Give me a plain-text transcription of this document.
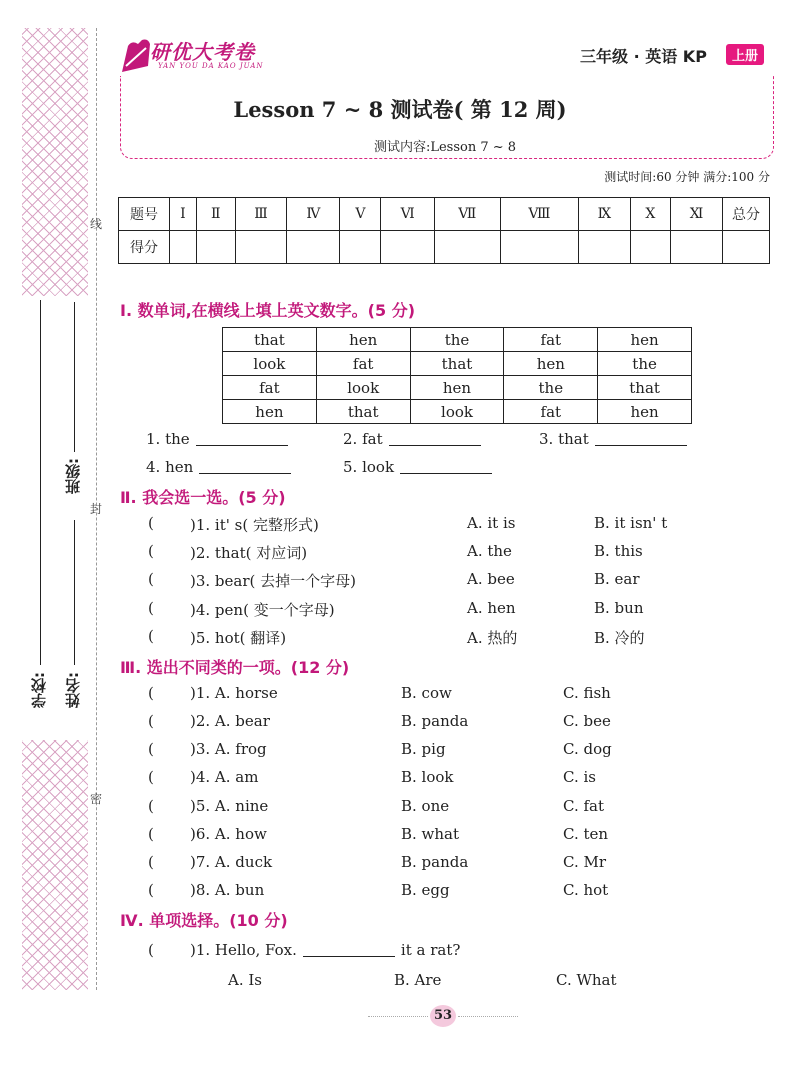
线
封
密
学校: 姓名:
班级:
研优大考卷
YAN YOU DA KAO JUAN	三年级 · 英语 KP	上册
Lesson 7 ~ 8 测试卷( 第 12 周)
测试内容:Lesson 7 ~ 8
测试时间:60 分钟 满分:100 分
题号	Ⅰ	Ⅱ	Ⅲ	Ⅳ	Ⅴ	Ⅵ	Ⅶ	Ⅷ	Ⅸ	Ⅹ	Ⅺ	总分
得分												
Ⅰ. 数单词,在横线上填上英文数字。(5 分)
that	hen	the	fat	hen
look	fat	that	hen	the
fat	look	hen	the	that
hen	that	look	fat	hen
1. the	2. fat	3. that
4. hen	5. look
Ⅱ. 我会选一选。(5 分)
( )1. it' s( 完整形式)	A. it is	B. it isn' t
( )2. that( 对应词)	A. the	B. this
( )3. bear( 去掉一个字母)	A. bee	B. ear
( )4. pen( 变一个字母)	A. hen	B. bun
( )5. hot( 翻译)	A. 热的	B. 冷的
Ⅲ. 选出不同类的一项。(12 分)
( )1. A. horse	B. cow	C. fish
( )2. A. bear	B. panda	C. bee
( )3. A. frog	B. pig	C. dog
( )4. A. am	B. look	C. is
( )5. A. nine	B. one	C. fat
( )6. A. how	B. what	C. ten
( )7. A. duck	B. panda	C. Mr
( )8. A. bun	B. egg	C. hot
Ⅳ. 单项选择。(10 分)
( )1. Hello, Fox.	it a rat?
A. Is	B. Are	C. What
53
